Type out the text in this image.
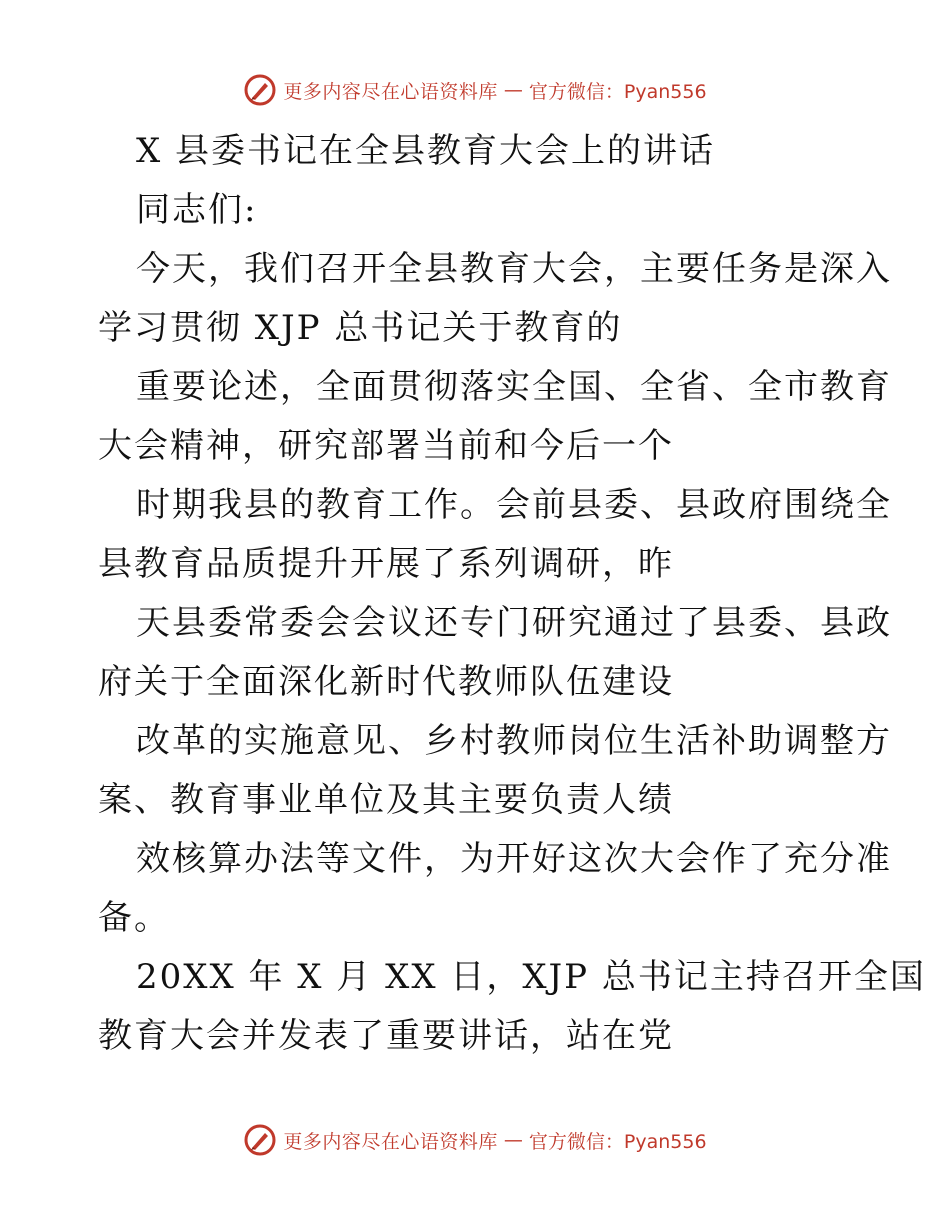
更多内容尽在心语资料库 — 官方微信：Pyan556
X 县委书记在全县教育大会上的讲话
同志们:
今天，我们召开全县教育大会，主要任务是深入
学习贯彻 XJP 总书记关于教育的
重要论述，全面贯彻落实全国、全省、全市教育
大会精神，研究部署当前和今后一个
时期我县的教育工作。会前县委、县政府围绕全
县教育品质提升开展了系列调研，昨
天县委常委会会议还专门研究通过了县委、县政
府关于全面深化新时代教师队伍建设
改革的实施意见、乡村教师岗位生活补助调整方
案、教育事业单位及其主要负责人绩
效核算办法等文件，为开好这次大会作了充分准
备。
20XX 年 X 月 XX 日，XJP 总书记主持召开全国
教育大会并发表了重要讲话，站在党
更多内容尽在心语资料库 — 官方微信：Pyan556
